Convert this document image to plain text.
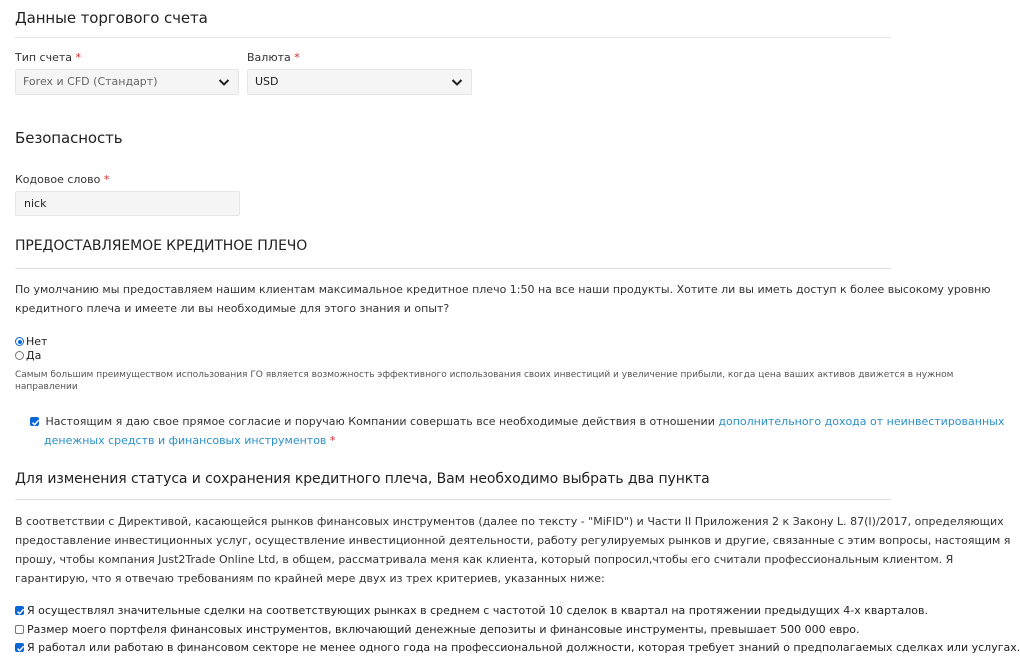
Данные торгового счета
Тип счета *
Forex и CFD (Стандарт)
Валюта *
USD
Безопасность
Кодовое слово *
nick
ПРЕДОСТАВЛЯЕМОЕ КРЕДИТНОЕ ПЛЕЧО
По умолчанию мы предоставляем нашим клиентам максимальное кредитное плечо 1:50 на все наши продукты. Хотите ли вы иметь доступ к более высокому уровню
кредитного плеча и имеете ли вы необходимые для этого знания и опыт?
Нет
Да
Самым большим преимуществом использования ГО является возможность эффективного использования своих инвестиций и увеличение прибыли, когда цена ваших активов движется в нужном
направлении
Настоящим я даю свое прямое согласие и поручаю Компании совершать все необходимые действия в отношении дополнительного дохода от неинвестированных
денежных средств и финансовых инструментов *
Для изменения статуса и сохранения кредитного плеча, Вам необходимо выбрать два пункта
В соответствии с Директивой, касающейся рынков финансовых инструментов (далее по тексту - "MiFID") и Части II Приложения 2 к Закону L. 87(I)/2017, определяющих
предоставление инвестиционных услуг, осуществление инвестиционной деятельности, работу регулируемых рынков и другие, связанные с этим вопросы, настоящим я
прошу, чтобы компания Just2Trade Online Ltd, в общем, рассматривала меня как клиента, который попросил,чтобы его считали профессиональным клиентом. Я
гарантирую, что я отвечаю требованиям по крайней мере двух из трех критериев, указанных ниже:
Я осуществлял значительные сделки на соответствующих рынках в среднем с частотой 10 сделок в квартал на протяжении предыдущих 4-х кварталов.
Размер моего портфеля финансовых инструментов, включающий денежные депозиты и финансовые инструменты, превышает 500 000 евро.
Я работал или работаю в финансовом секторе не менее одного года на профессиональной должности, которая требует знаний о предполагаемых сделках или услугах.
